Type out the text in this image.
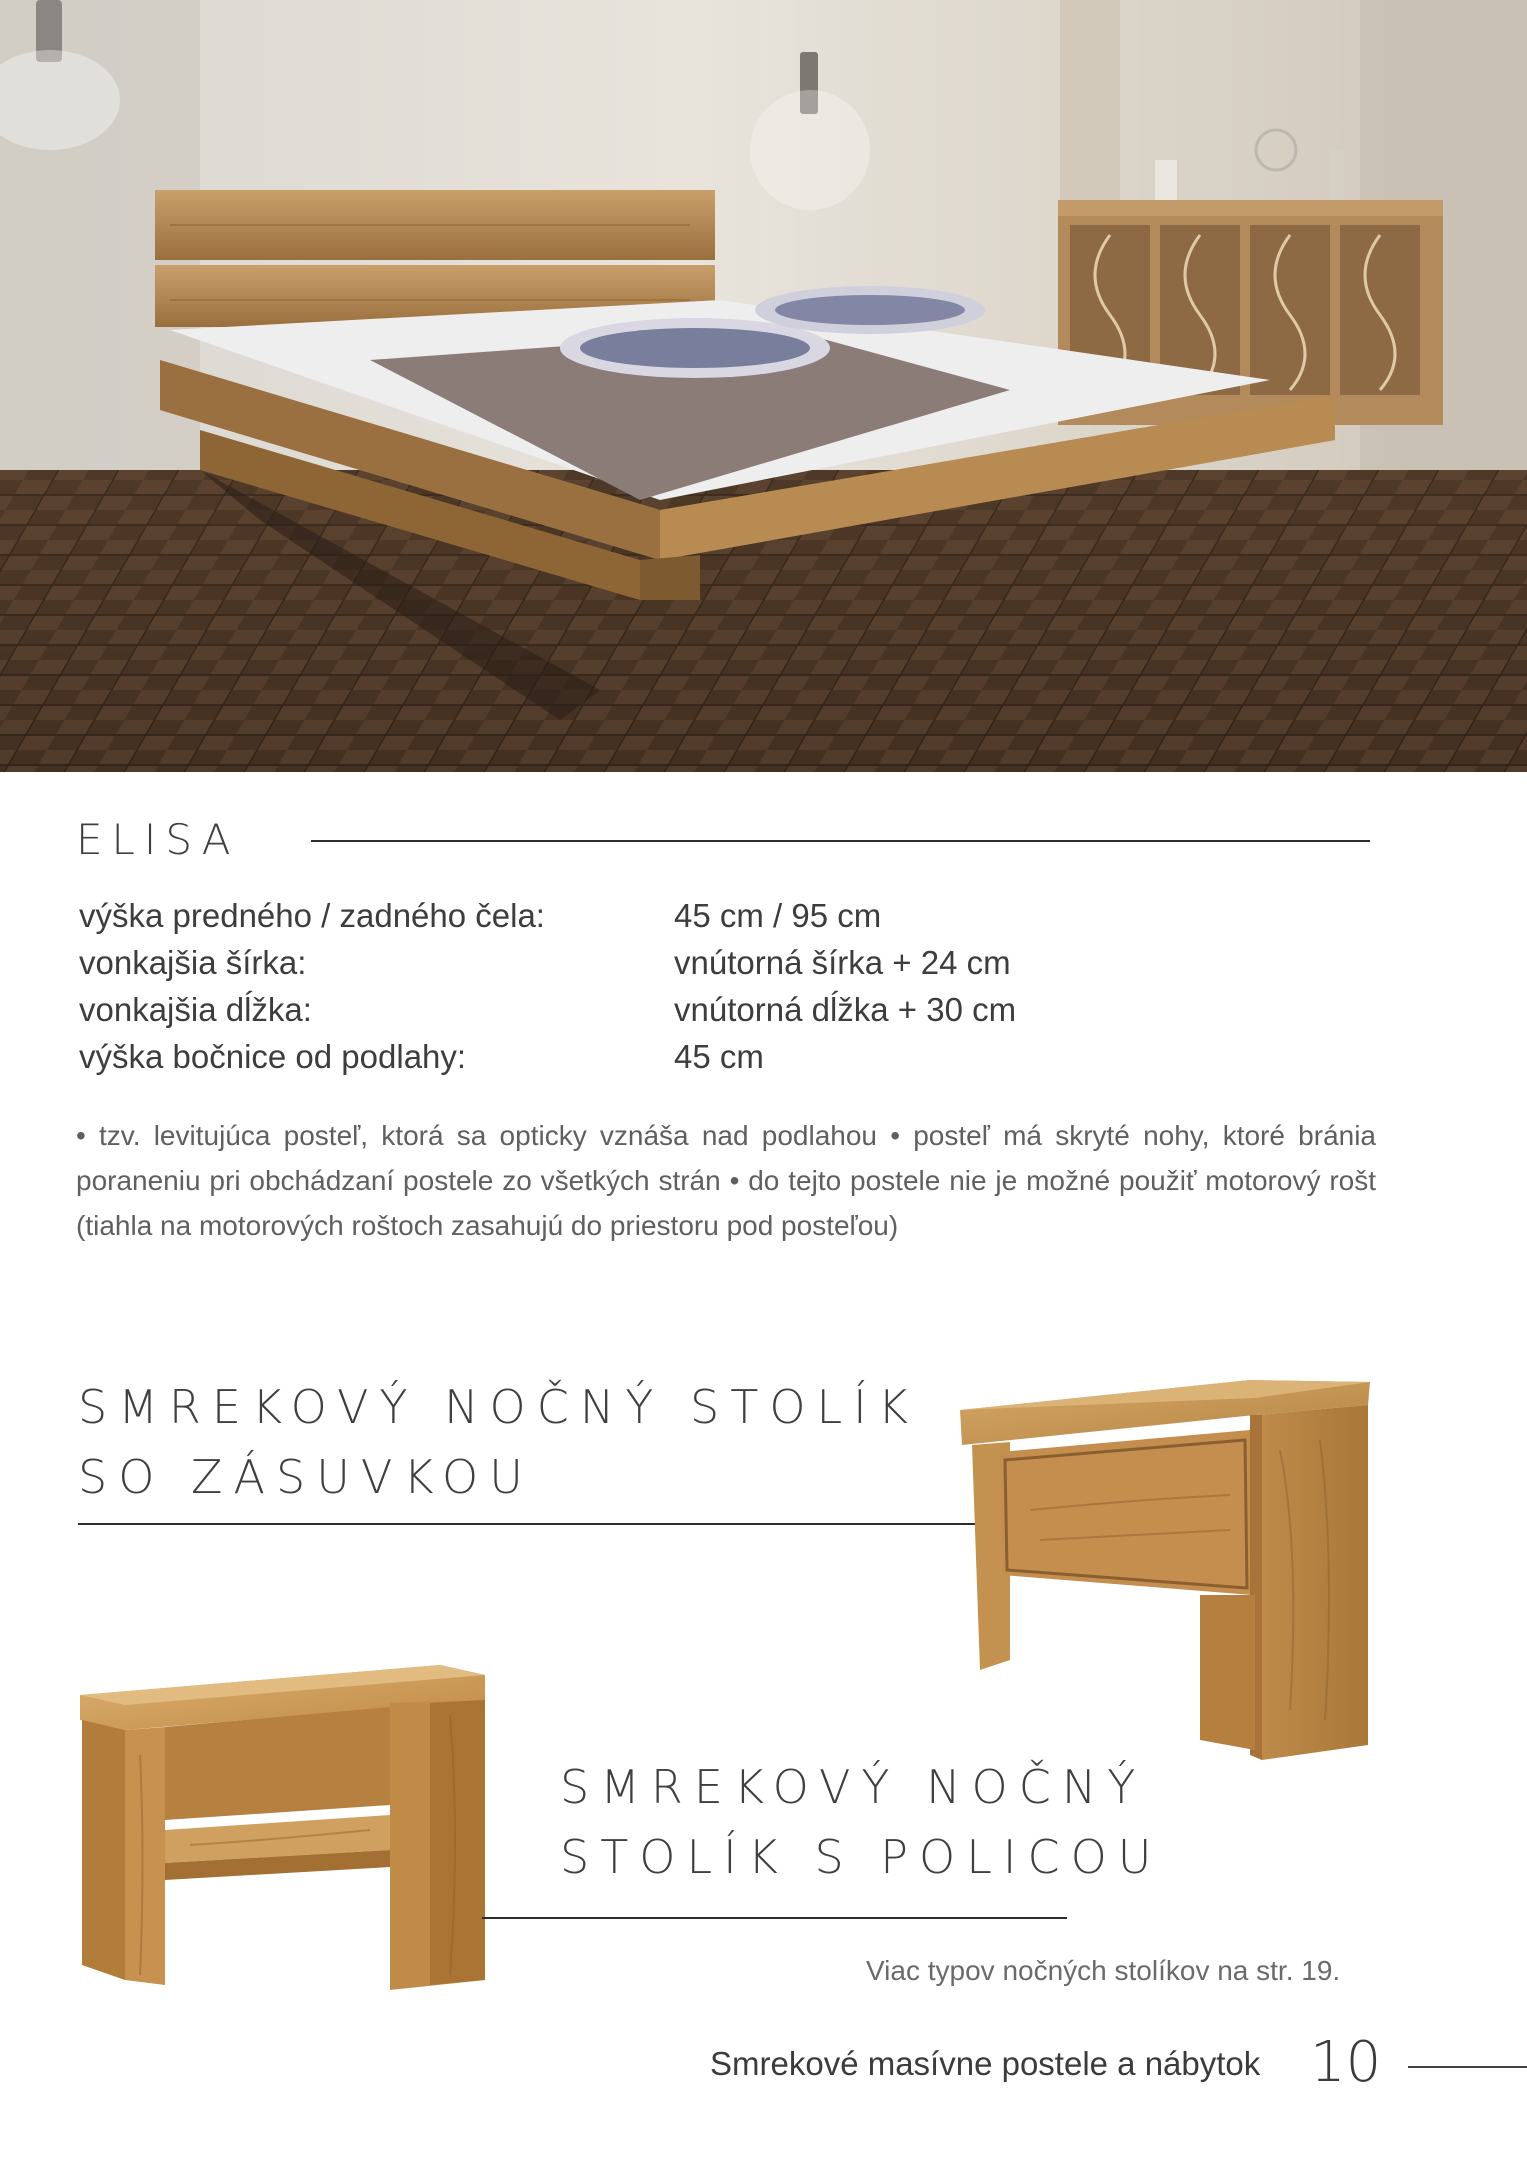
ELISA
výška predného / zadného čela:	45 cm / 95 cm
vonkajšia šírka:	vnútorná šírka + 24 cm
vonkajšia dĺžka:	vnútorná dĺžka + 30 cm
výška bočnice od podlahy:	45 cm
• tzv. levitujúca posteľ, ktorá sa opticky vznáša nad podlahou • posteľ má skryté nohy, ktoré bránia poraneniu pri obchádzaní postele zo všetkých strán • do tejto postele nie je možné použiť motorový rošt (tiahla na motorových roštoch zasahujú do priestoru pod posteľou)
SMREKOVÝ NOČNÝ STOLÍK
SO ZÁSUVKOU
SMREKOVÝ NOČNÝ
STOLÍK S POLICOU
Viac typov nočných stolíkov na str. 19.
Smrekové masívne postele a nábytok 10
